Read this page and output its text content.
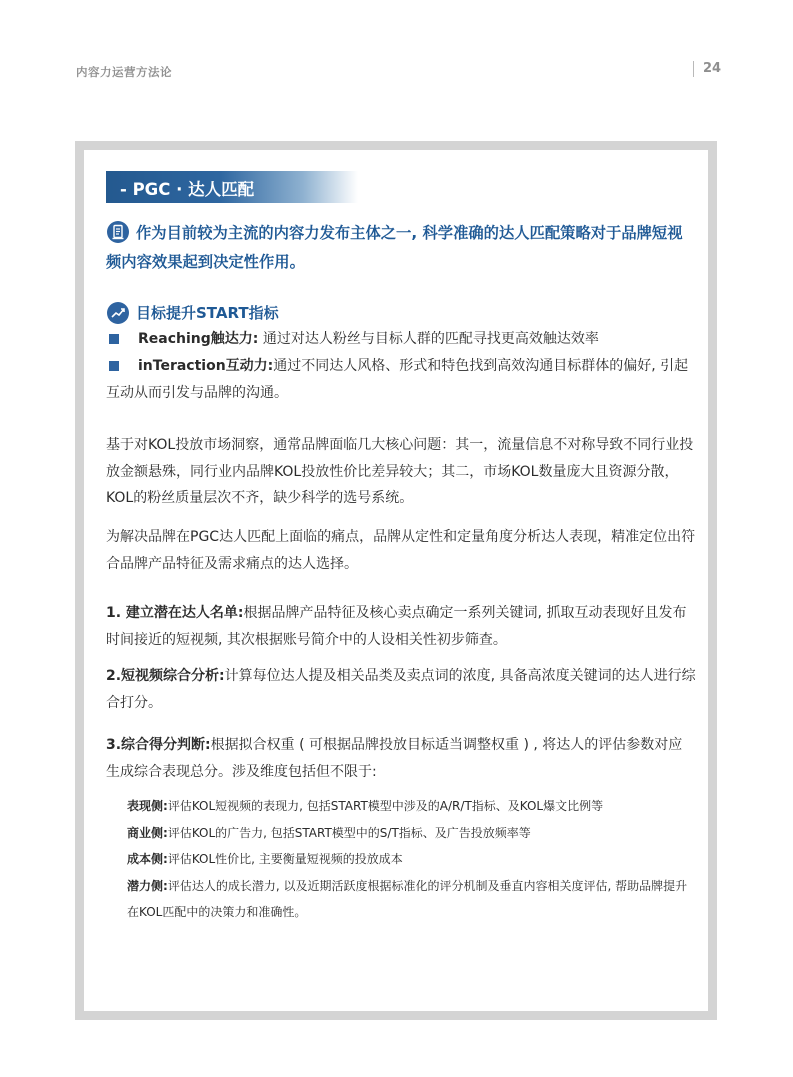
内容力运营方法论	24
- PGC · 达人匹配
作为目前较为主流的内容力发布主体之一, 科学准确的达人匹配策略对于品牌短视频内容效果起到决定性作用。
目标提升START指标
Reaching触达力: 通过对达人粉丝与目标人群的匹配寻找更高效触达效率
inTeraction互动力:通过不同达人风格、形式和特色找到高效沟通目标群体的偏好, 引起互动从而引发与品牌的沟通。
基于对KOL投放市场洞察，通常品牌面临几大核心问题：其一，流量信息不对称导致不同行业投放金额悬殊，同行业内品牌KOL投放性价比差异较大；其二，市场KOL数量庞大且资源分散，KOL的粉丝质量层次不齐，缺少科学的选号系统。
为解决品牌在PGC达人匹配上面临的痛点，品牌从定性和定量角度分析达人表现，精准定位出符合品牌产品特征及需求痛点的达人选择。
1. 建立潜在达人名单:根据品牌产品特征及核心卖点确定一系列关键词, 抓取互动表现好且发布时间接近的短视频, 其次根据账号简介中的人设相关性初步筛查。
2.短视频综合分析:计算每位达人提及相关品类及卖点词的浓度, 具备高浓度关键词的达人进行综合打分。
3.综合得分判断:根据拟合权重 ( 可根据品牌投放目标适当调整权重 ) , 将达人的评估参数对应生成综合表现总分。涉及维度包括但不限于:
表现侧:评估KOL短视频的表现力, 包括START模型中涉及的A/R/T指标、及KOL爆文比例等
商业侧:评估KOL的广告力, 包括START模型中的S/T指标、及广告投放频率等
成本侧:评估KOL性价比, 主要衡量短视频的投放成本
潜力侧:评估达人的成长潜力, 以及近期活跃度根据标准化的评分机制及垂直内容相关度评估, 帮助品牌提升在KOL匹配中的决策力和准确性。
